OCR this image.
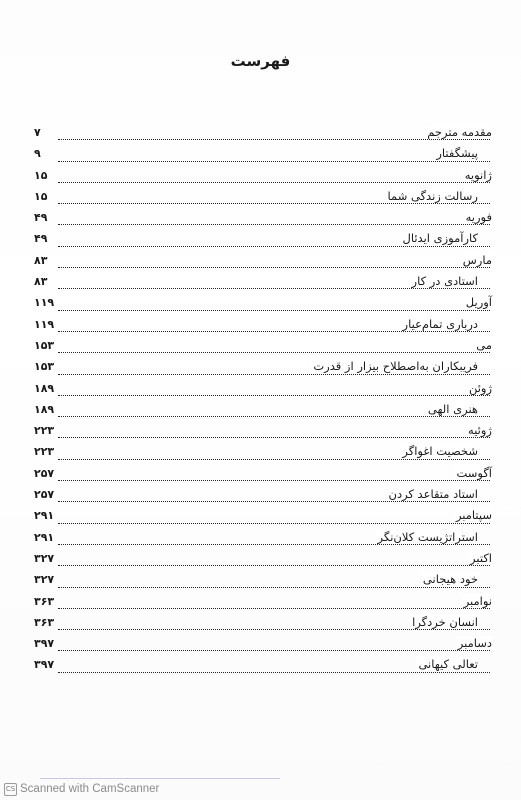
فهرست
مقدمه مترجم
۷
پیشگفتار
۹
ژانویه
۱۵
رسالت زندگی شما
۱۵
فوریه
۴۹
کارآموزی ایدئال
۴۹
مارس
۸۳
استادی در کار
۸۳
آوریل
۱۱۹
درباری تمام‌عیار
۱۱۹
می
۱۵۳
فریبکاران به‌اصطلاح بیزار از قدرت
۱۵۳
ژوئن
۱۸۹
هنری الهی
۱۸۹
ژوئیه
۲۲۳
شخصیت اغواگر
۲۲۳
آگوست
۲۵۷
استاد متقاعد کردن
۲۵۷
سپتامبر
۲۹۱
استراتژیست کلان‌نگر
۲۹۱
اکتبر
۳۲۷
خود هیجانی
۳۲۷
نوامبر
۳۶۳
انسان خردگرا
۳۶۳
دسامبر
۳۹۷
تعالی کیهانی
۳۹۷
CS Scanned with CamScanner
